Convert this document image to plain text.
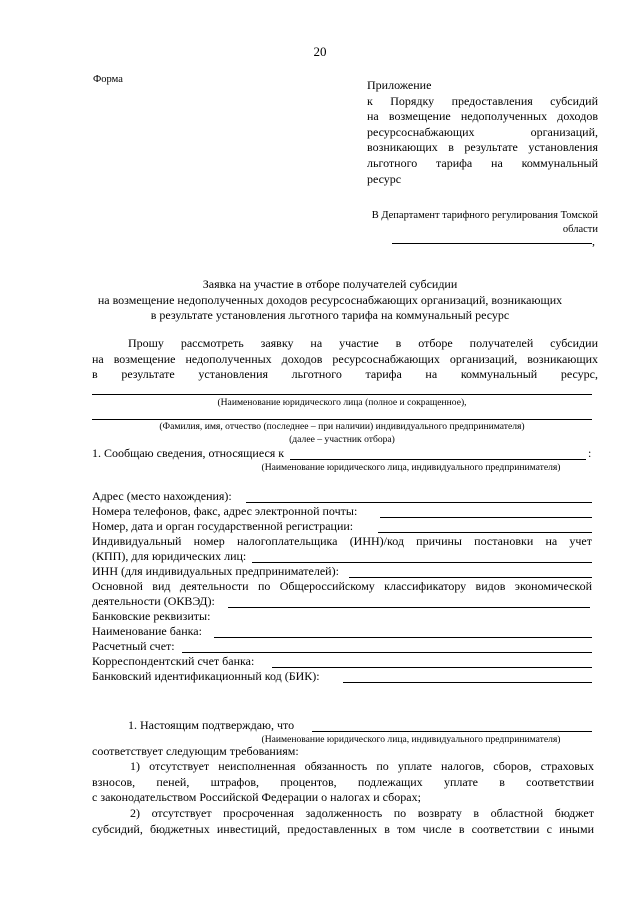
20
Форма	Приложение
к Порядку предоставления субсидий
на возмещение недополученных доходов
ресурсоснабжающих организаций,
возникающих в результате установления
льготного тарифа на коммунальный
ресурс
В Департамент тарифного регулирования Томской
области
,
Заявка на участие в отборе получателей субсидии
на возмещение недополученных доходов ресурсоснабжающих организаций, возникающих
в результате установления льготного тарифа на коммунальный ресурс
Прошу рассмотреть заявку на участие в отборе получателей субсидии
на возмещение недополученных доходов ресурсоснабжающих организаций, возникающих
в результате установления льготного тарифа на коммунальный ресурс,
(Наименование юридического лица (полное и сокращенное),
(Фамилия, имя, отчество (последнее – при наличии) индивидуального предпринимателя)
(далее – участник отбора)
1. Сообщаю сведения, относящиеся к	:
(Наименование юридического лица, индивидуального предпринимателя)
Адрес (место нахождения):
Номера телефонов, факс, адрес электронной почты:
Номер, дата и орган государственной регистрации:
Индивидуальный номер налогоплательщика (ИНН)/код причины постановки на учет
(КПП), для юридических лиц:
ИНН (для индивидуальных предпринимателей):
Основной вид деятельности по Общероссийскому классификатору видов экономической
деятельности (ОКВЭД):
Банковские реквизиты:
Наименование банка:
Расчетный счет:
Корреспондентский счет банка:
Банковский идентификационный код (БИК):
1. Настоящим подтверждаю, что
(Наименование юридического лица, индивидуального предпринимателя)
соответствует следующим требованиям:
1) отсутствует неисполненная обязанность по уплате налогов, сборов, страховых
взносов, пеней, штрафов, процентов, подлежащих уплате в соответствии
с законодательством Российской Федерации о налогах и сборах;
2) отсутствует просроченная задолженность по возврату в областной бюджет
субсидий, бюджетных инвестиций, предоставленных в том числе в соответствии с иными
